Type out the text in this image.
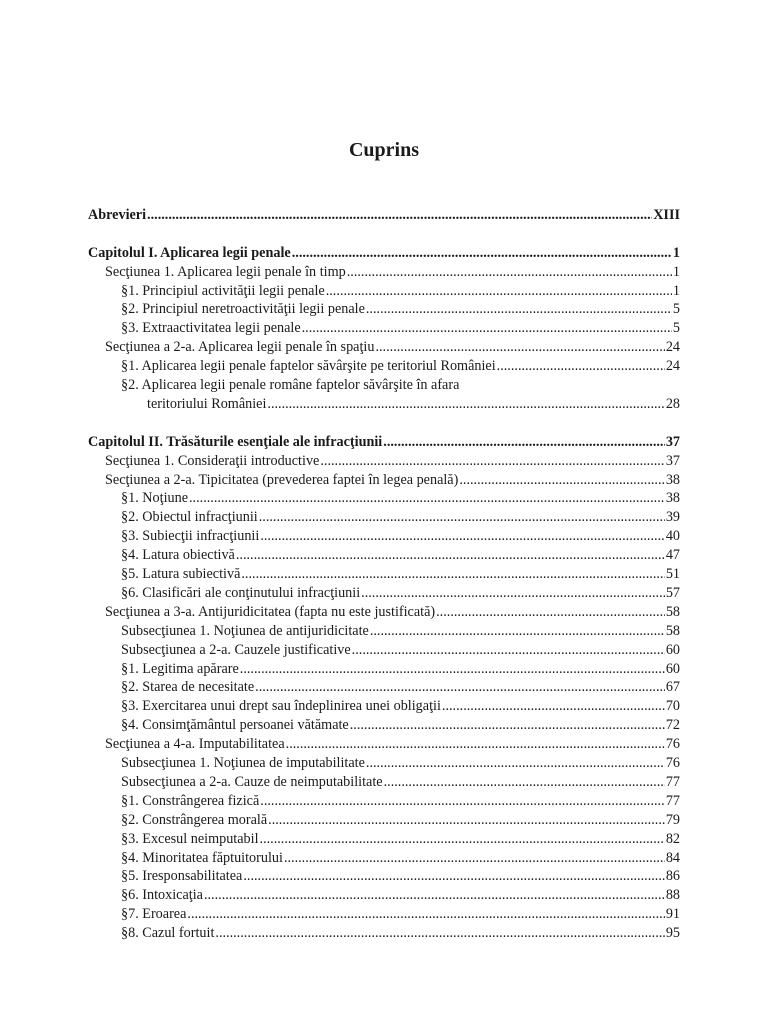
Cuprins
Abrevieri .....	XIII
Capitolul I. Aplicarea legii penale .....	1
Secţiunea 1. Aplicarea legii penale în timp .....	1
§1. Principiul activităţii legii penale .....	1
§2. Principiul neretroactivităţii legii penale .....	5
§3. Extraactivitatea legii penale .....	5
Secţiunea a 2-a. Aplicarea legii penale în spaţiu .....	24
§1. Aplicarea legii penale faptelor săvârşite pe teritoriul României .....	24
§2. Aplicarea legii penale române faptelor săvârşite în afara
teritoriului României .....	28
Capitolul II. Trăsăturile esenţiale ale infracţiunii .....	37
Secţiunea 1. Consideraţii introductive .....	37
Secţiunea a 2-a. Tipicitatea (prevederea faptei în legea penală) .....	38
§1. Noţiune .....	38
§2. Obiectul infracţiunii .....	39
§3. Subiecţii infracţiunii .....	40
§4. Latura obiectivă .....	47
§5. Latura subiectivă .....	51
§6. Clasificări ale conţinutului infracţiunii .....	57
Secţiunea a 3-a. Antijuridicitatea (fapta nu este justificată) .....	58
Subsecţiunea 1. Noţiunea de antijuridicitate .....	58
Subsecţiunea a 2-a. Cauzele justificative .....	60
§1. Legitima apărare .....	60
§2. Starea de necesitate .....	67
§3. Exercitarea unui drept sau îndeplinirea unei obligaţii .....	70
§4. Consimţământul persoanei vătămate .....	72
Secţiunea a 4-a. Imputabilitatea .....	76
Subsecţiunea 1. Noţiunea de imputabilitate .....	76
Subsecţiunea a 2-a. Cauze de neimputabilitate .....	77
§1. Constrângerea fizică .....	77
§2. Constrângerea morală .....	79
§3. Excesul neimputabil .....	82
§4. Minoritatea făptuitorului .....	84
§5. Iresponsabilitatea .....	86
§6. Intoxicaţia .....	88
§7. Eroarea .....	91
§8. Cazul fortuit .....	95
